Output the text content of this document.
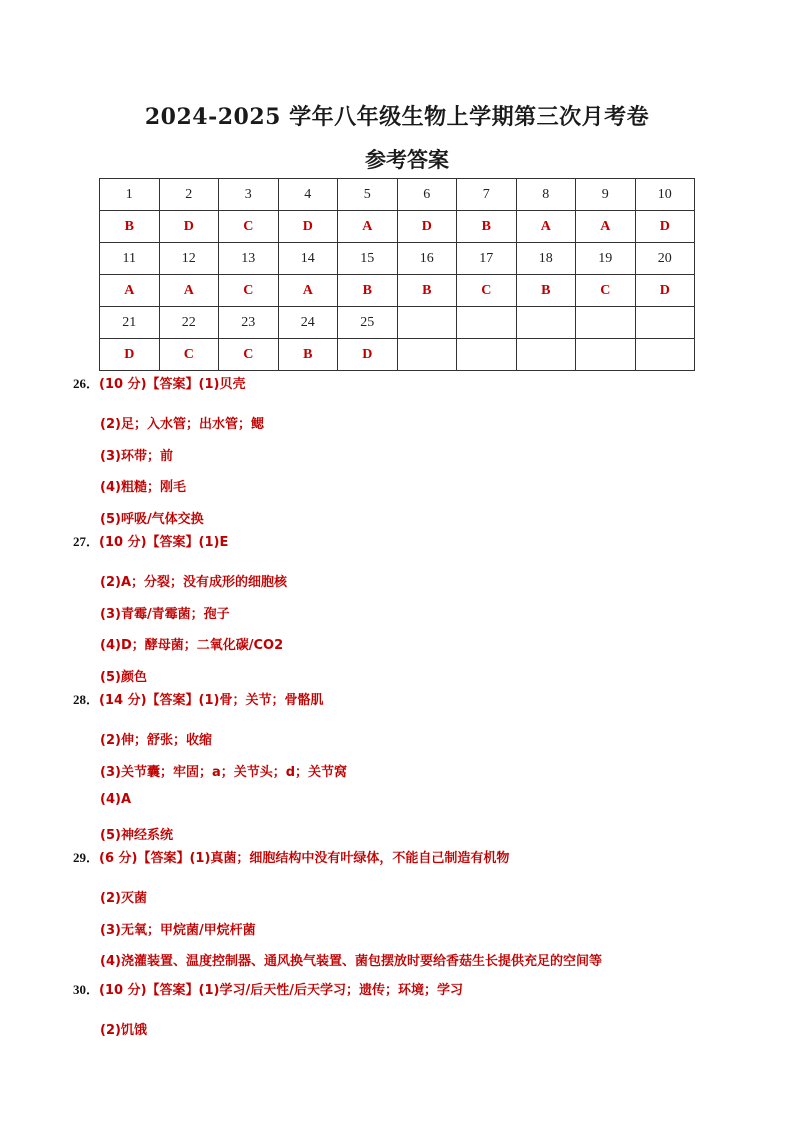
2024-2025 学年八年级生物上学期第三次月考卷
参考答案
1	2	3	4	5	6	7	8	9	10
B	D	C	D	A	D	B	A	A	D
11	12	13	14	15	16	17	18	19	20
A	A	C	A	B	B	C	B	C	D
21	22	23	24	25					
D	C	C	B	D					
26．(10 分)【答案】(1)贝壳
(2)足；入水管；出水管；鳃
(3)环带；前
(4)粗糙；刚毛
(5)呼吸/气体交换
27．(10 分)【答案】(1)E
(2)A；分裂；没有成形的细胞核
(3)青霉/青霉菌；孢子
(4)D；酵母菌；二氧化碳/CO2
(5)颜色
28．(14 分)【答案】(1)骨；关节；骨骼肌
(2)伸；舒张；收缩
(3)关节囊；牢固；a；关节头；d；关节窝
(4)A
(5)神经系统
29．(6 分)【答案】(1)真菌；细胞结构中没有叶绿体，不能自己制造有机物
(2)灭菌
(3)无氧；甲烷菌/甲烷杆菌
(4)浇灌装置、温度控制器、通风换气装置、菌包摆放时要给香菇生长提供充足的空间等
30．(10 分)【答案】(1)学习/后天性/后天学习；遗传；环境；学习
(2)饥饿
